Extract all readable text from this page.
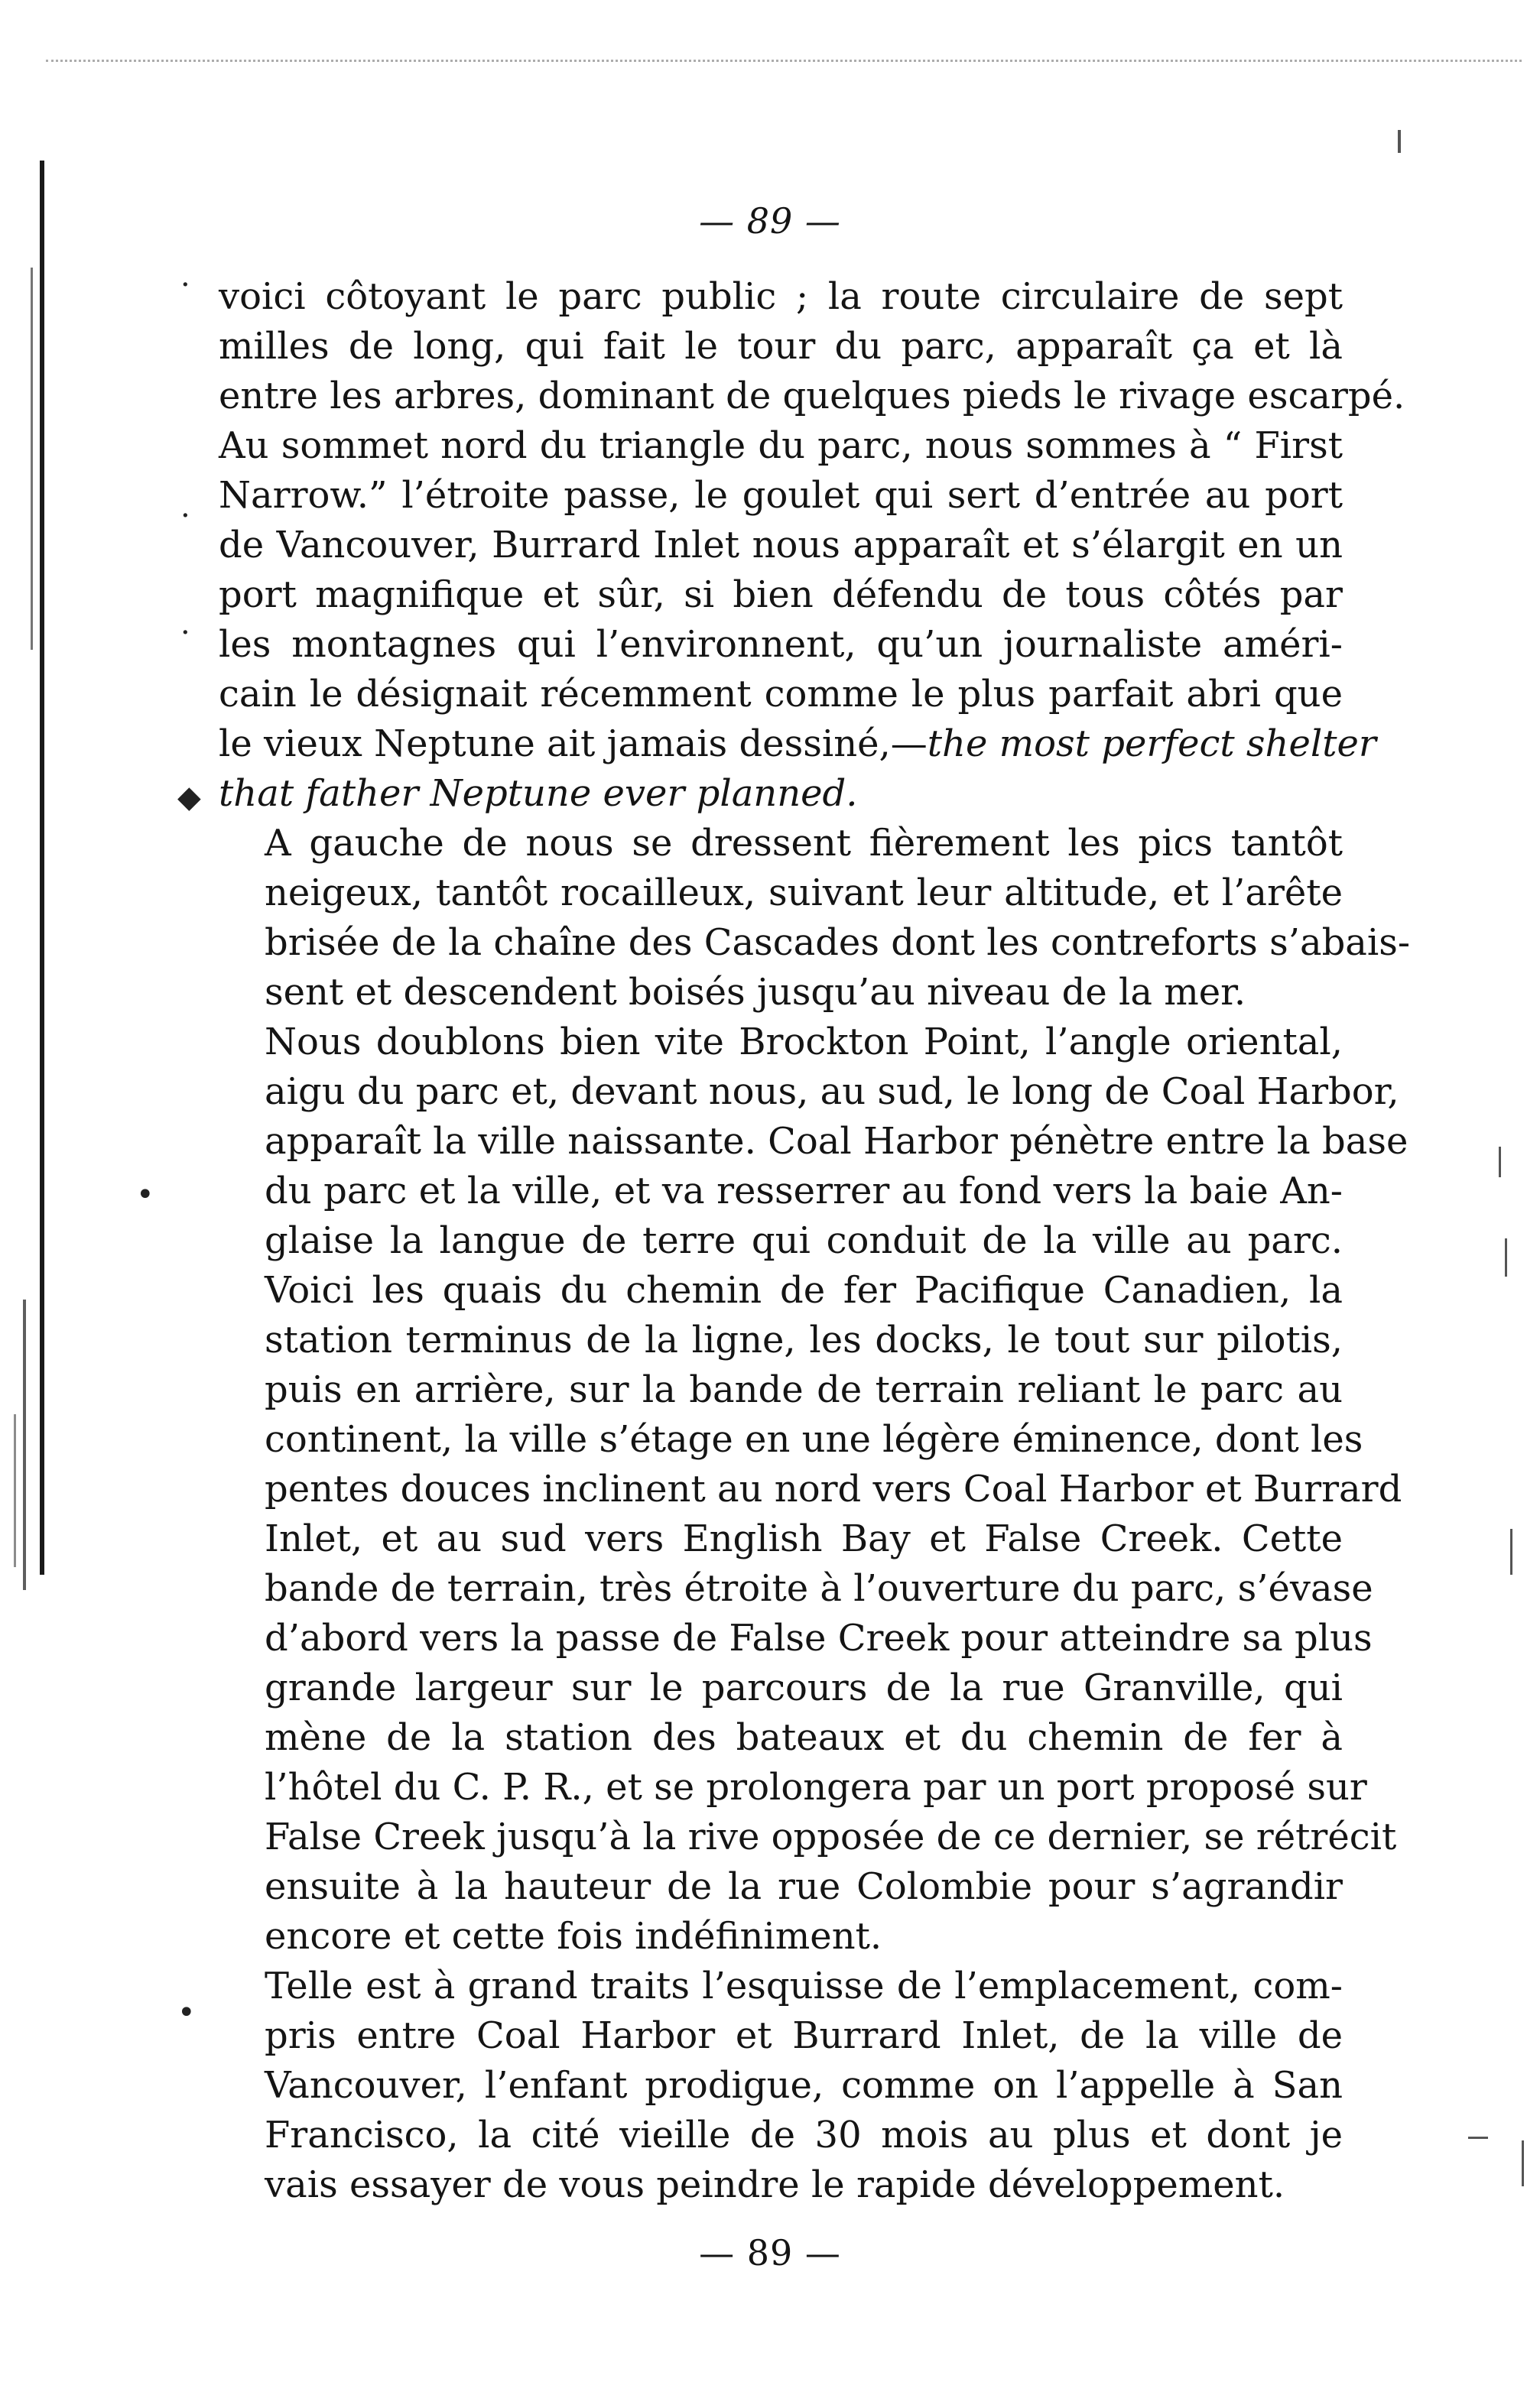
·
.
·
◆
•
•
— 89 —

voici côtoyant le parc public ; la route circulaire de sept
milles de long, qui fait le tour du parc, apparaît ça et là
entre les arbres, dominant de quelques pieds le rivage escarpé.
Au sommet nord du triangle du parc, nous sommes à “ First
Narrow.” l’étroite passe, le goulet qui sert d’entrée au port
de Vancouver, Burrard Inlet nous apparaît et s’élargit en un
port magnifique et sûr, si bien défendu de tous côtés par
les montagnes qui l’environnent, qu’un journaliste améri-
cain le désignait récemment comme le plus parfait abri que
le vieux Neptune ait jamais dessiné,—the most perfect shelter
that father Neptune ever planned.

A gauche de nous se dressent fièrement les pics tantôt
neigeux, tantôt rocailleux, suivant leur altitude, et l’arête
brisée de la chaîne des Cascades dont les contreforts s’abais-
sent et descendent boisés jusqu’au niveau de la mer.

Nous doublons bien vite Brockton Point, l’angle oriental,
aigu du parc et, devant nous, au sud, le long de Coal Harbor,
apparaît la ville naissante. Coal Harbor pénètre entre la base
du parc et la ville, et va resserrer au fond vers la baie An-
glaise la langue de terre qui conduit de la ville au parc.
Voici les quais du chemin de fer Pacifique Canadien, la
station terminus de la ligne, les docks, le tout sur pilotis,
puis en arrière, sur la bande de terrain reliant le parc au
continent, la ville s’étage en une légère éminence, dont les
pentes douces inclinent au nord vers Coal Harbor et Burrard
Inlet, et au sud vers English Bay et False Creek. Cette
bande de terrain, très étroite à l’ouverture du parc, s’évase
d’abord vers la passe de False Creek pour atteindre sa plus
grande largeur sur le parcours de la rue Granville, qui
mène de la station des bateaux et du chemin de fer à
l’hôtel du C. P. R., et se prolongera par un port proposé sur
False Creek jusqu’à la rive opposée de ce dernier, se rétrécit
ensuite à la hauteur de la rue Colombie pour s’agrandir
encore et cette fois indéfiniment.

Telle est à grand traits l’esquisse de l’emplacement, com-
pris entre Coal Harbor et Burrard Inlet, de la ville de
Vancouver, l’enfant prodigue, comme on l’appelle à San
Francisco, la cité vieille de 30 mois au plus et dont je
vais essayer de vous peindre le rapide développement.

— 89 —
